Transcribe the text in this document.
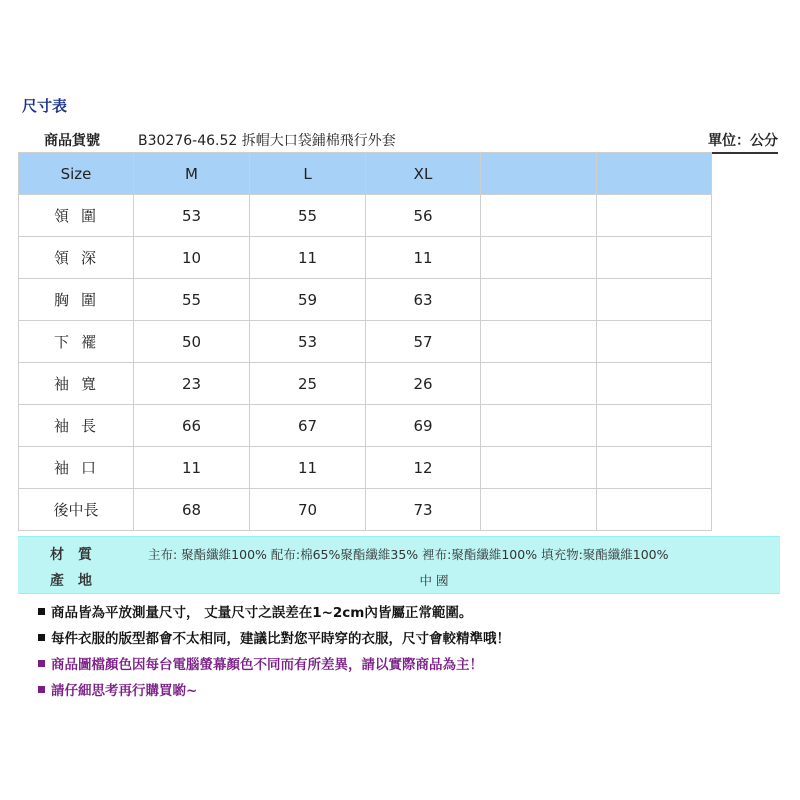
尺寸表
商品貨號	B30276-46.52 拆帽大口袋鋪棉飛行外套	單位：公分
Size	M	L	XL		
領圍	53	55	56		
領深	10	11	11		
胸圍	55	59	63		
下襬	50	53	57		
袖寬	23	25	26		
袖長	66	67	69		
袖口	11	11	12		
後中長	68	70	73		
材質	主布: 聚酯纖維100% 配布:棉65%聚酯纖維35% 裡布:聚酯纖維100% 填充物:聚酯纖維100%
產地	中 國
商品皆為平放測量尺寸， 丈量尺寸之誤差在1~2cm內皆屬正常範圍。
每件衣服的版型都會不太相同，建議比對您平時穿的衣服，尺寸會較精準哦！
商品圖檔顏色因每台電腦螢幕顏色不同而有所差異，請以實際商品為主！
請仔細思考再行購買喲~
